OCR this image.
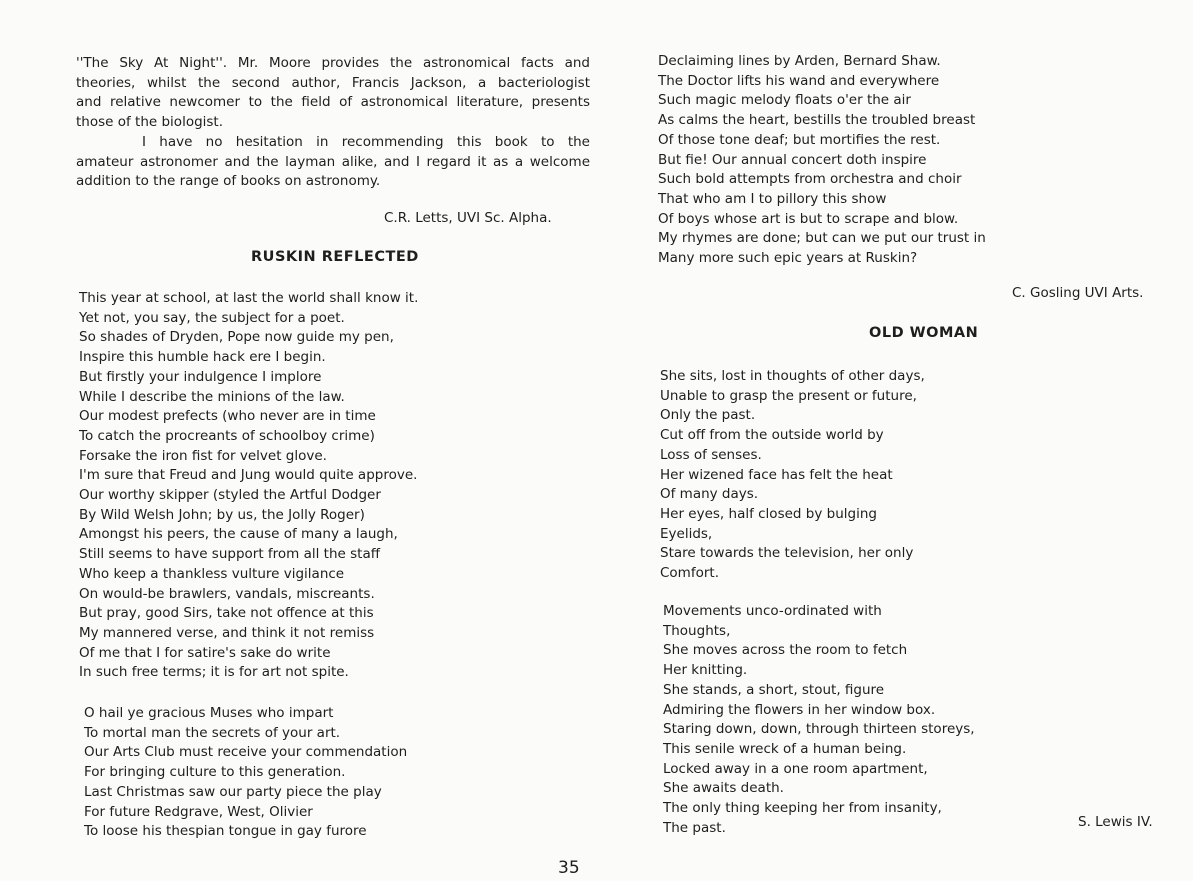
''The Sky At Night''. Mr. Moore provides the astronomical facts and
theories, whilst the second author, Francis Jackson, a bacteriologist
and relative newcomer to the field of astronomical literature, presents
those of the biologist.
I have no hesitation in recommending this book to the
amateur astronomer and the layman alike, and I regard it as a welcome
addition to the range of books on astronomy.
C.R. Letts, UVI Sc. Alpha.
RUSKIN REFLECTED
This year at school, at last the world shall know it.
Yet not, you say, the subject for a poet.
So shades of Dryden, Pope now guide my pen,
Inspire this humble hack ere I begin.
But firstly your indulgence I implore
While I describe the minions of the law.
Our modest prefects (who never are in time
To catch the procreants of schoolboy crime)
Forsake the iron fist for velvet glove.
I'm sure that Freud and Jung would quite approve.
Our worthy skipper (styled the Artful Dodger
By Wild Welsh John; by us, the Jolly Roger)
Amongst his peers, the cause of many a laugh,
Still seems to have support from all the staff
Who keep a thankless vulture vigilance
On would-be brawlers, vandals, miscreants.
But pray, good Sirs, take not offence at this
My mannered verse, and think it not remiss
Of me that I for satire's sake do write
In such free terms; it is for art not spite.
O hail ye gracious Muses who impart
To mortal man the secrets of your art.
Our Arts Club must receive your commendation
For bringing culture to this generation.
Last Christmas saw our party piece the play
For future Redgrave, West, Olivier
To loose his thespian tongue in gay furore
Declaiming lines by Arden, Bernard Shaw.
The Doctor lifts his wand and everywhere
Such magic melody floats o'er the air
As calms the heart, bestills the troubled breast
Of those tone deaf; but mortifies the rest.
But fie! Our annual concert doth inspire
Such bold attempts from orchestra and choir
That who am I to pillory this show
Of boys whose art is but to scrape and blow.
My rhymes are done; but can we put our trust in
Many more such epic years at Ruskin?
C. Gosling UVI Arts.
OLD WOMAN
She sits, lost in thoughts of other days,
Unable to grasp the present or future,
Only the past.
Cut off from the outside world by
Loss of senses.
Her wizened face has felt the heat
Of many days.
Her eyes, half closed by bulging
Eyelids,
Stare towards the television, her only
Comfort.
Movements unco-ordinated with
Thoughts,
She moves across the room to fetch
Her knitting.
She stands, a short, stout, figure
Admiring the flowers in her window box.
Staring down, down, through thirteen storeys,
This senile wreck of a human being.
Locked away in a one room apartment,
She awaits death.
The only thing keeping her from insanity,
The past.	S. Lewis IV.
35
